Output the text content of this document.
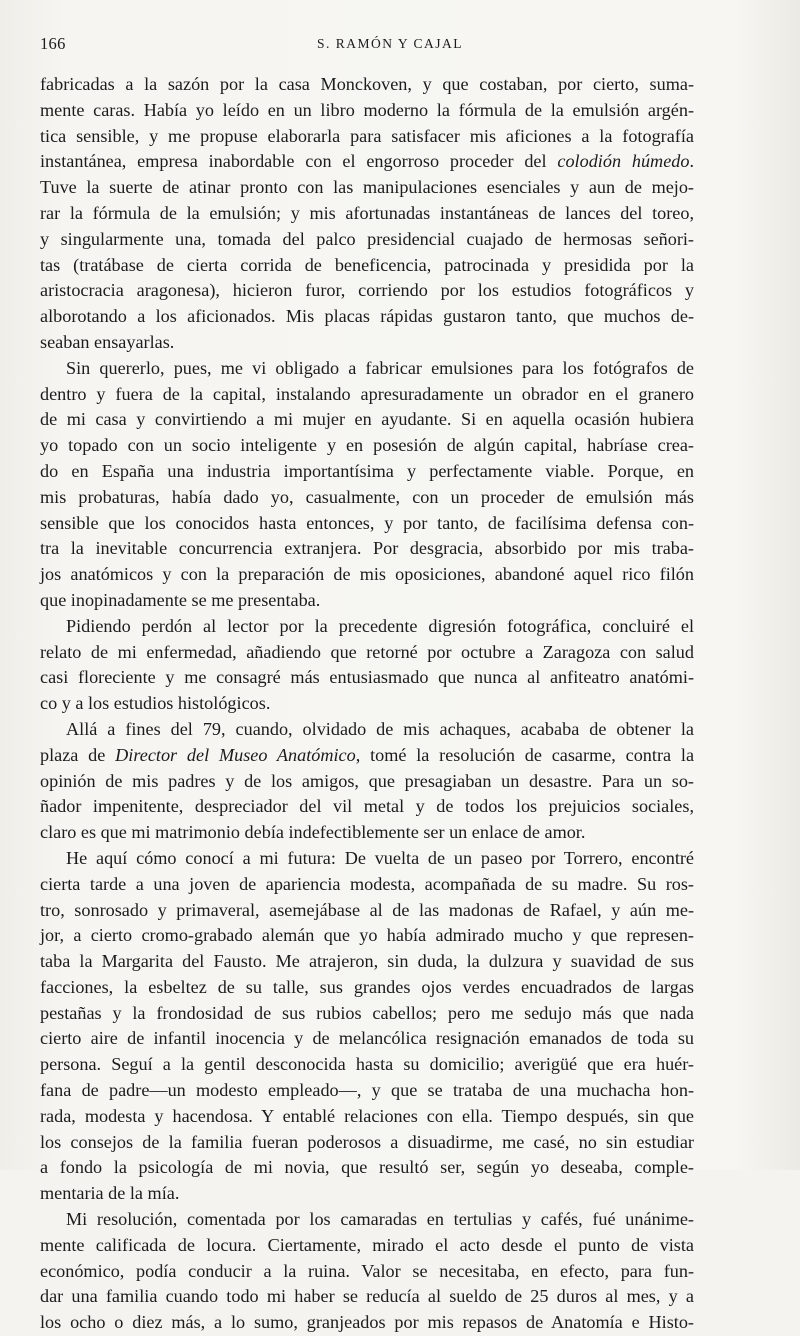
166	S. RAMÓN Y CAJAL
fabricadas a la sazón por la casa Monckoven, y que costaban, por cierto, suma-
mente caras. Había yo leído en un libro moderno la fórmula de la emulsión argén-
tica sensible, y me propuse elaborarla para satisfacer mis aficiones a la fotografía
instantánea, empresa inabordable con el engorroso proceder del colodión húmedo.
Tuve la suerte de atinar pronto con las manipulaciones esenciales y aun de mejo-
rar la fórmula de la emulsión; y mis afortunadas instantáneas de lances del toreo,
y singularmente una, tomada del palco presidencial cuajado de hermosas señori-
tas (tratábase de cierta corrida de beneficencia, patrocinada y presidida por la
aristocracia aragonesa), hicieron furor, corriendo por los estudios fotográficos y
alborotando a los aficionados. Mis placas rápidas gustaron tanto, que muchos de-
seaban ensayarlas.
Sin quererlo, pues, me vi obligado a fabricar emulsiones para los fotógrafos de
dentro y fuera de la capital, instalando apresuradamente un obrador en el granero
de mi casa y convirtiendo a mi mujer en ayudante. Si en aquella ocasión hubiera
yo topado con un socio inteligente y en posesión de algún capital, habríase crea-
do en España una industria importantísima y perfectamente viable. Porque, en
mis probaturas, había dado yo, casualmente, con un proceder de emulsión más
sensible que los conocidos hasta entonces, y por tanto, de facilísima defensa con-
tra la inevitable concurrencia extranjera. Por desgracia, absorbido por mis traba-
jos anatómicos y con la preparación de mis oposiciones, abandoné aquel rico filón
que inopinadamente se me presentaba.
Pidiendo perdón al lector por la precedente digresión fotográfica, concluiré el
relato de mi enfermedad, añadiendo que retorné por octubre a Zaragoza con salud
casi floreciente y me consagré más entusiasmado que nunca al anfiteatro anatómi-
co y a los estudios histológicos.
Allá a fines del 79, cuando, olvidado de mis achaques, acababa de obtener la
plaza de Director del Museo Anatómico, tomé la resolución de casarme, contra la
opinión de mis padres y de los amigos, que presagiaban un desastre. Para un so-
ñador impenitente, despreciador del vil metal y de todos los prejuicios sociales,
claro es que mi matrimonio debía indefectiblemente ser un enlace de amor.
He aquí cómo conocí a mi futura: De vuelta de un paseo por Torrero, encontré
cierta tarde a una joven de apariencia modesta, acompañada de su madre. Su ros-
tro, sonrosado y primaveral, asemejábase al de las madonas de Rafael, y aún me-
jor, a cierto cromo-grabado alemán que yo había admirado mucho y que represen-
taba la Margarita del Fausto. Me atrajeron, sin duda, la dulzura y suavidad de sus
facciones, la esbeltez de su talle, sus grandes ojos verdes encuadrados de largas
pestañas y la frondosidad de sus rubios cabellos; pero me sedujo más que nada
cierto aire de infantil inocencia y de melancólica resignación emanados de toda su
persona. Seguí a la gentil desconocida hasta su domicilio; averigüé que era huér-
fana de padre—un modesto empleado—, y que se trataba de una muchacha hon-
rada, modesta y hacendosa. Y entablé relaciones con ella. Tiempo después, sin que
los consejos de la familia fueran poderosos a disuadirme, me casé, no sin estudiar
a fondo la psicología de mi novia, que resultó ser, según yo deseaba, comple-
mentaria de la mía.
Mi resolución, comentada por los camaradas en tertulias y cafés, fué unánime-
mente calificada de locura. Ciertamente, mirado el acto desde el punto de vista
económico, podía conducir a la ruina. Valor se necesitaba, en efecto, para fun-
dar una familia cuando todo mi haber se reducía al sueldo de 25 duros al mes, y a
los ocho o diez más, a lo sumo, granjeados por mis repasos de Anatomía e Histo-
